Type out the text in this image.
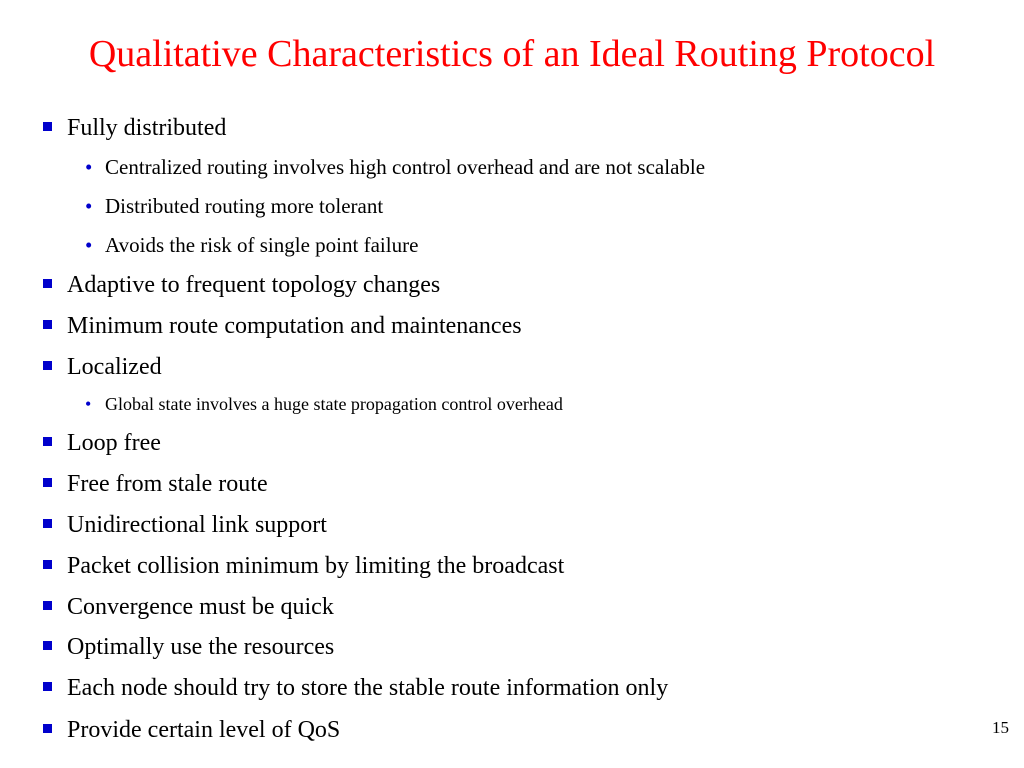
Qualitative Characteristics of an Ideal Routing Protocol
Fully distributed
• Centralized routing involves high control overhead and are not scalable
• Distributed routing more tolerant
• Avoids the risk of single point failure
Adaptive to frequent topology changes
Minimum route computation and maintenances
Localized
• Global state involves a huge state propagation control overhead
Loop free
Free from stale route
Unidirectional link support
Packet collision minimum by limiting the broadcast
Convergence must be quick
Optimally use the resources
Each node should try to store the stable route information only
Provide certain level of QoS	15
